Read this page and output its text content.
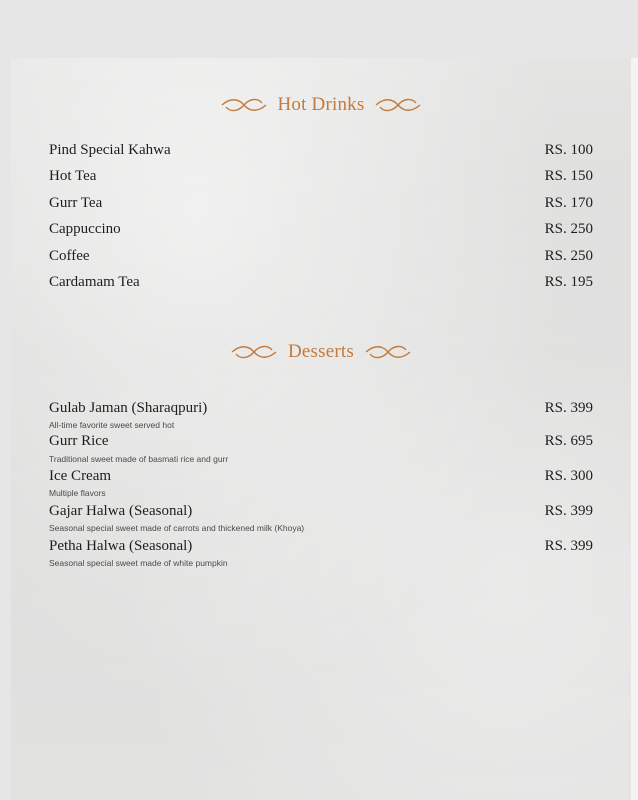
Hot Drinks
Pind Special Kahwa	RS. 100
Hot Tea	RS. 150
Gurr Tea	RS. 170
Cappuccino	RS. 250
Coffee	RS. 250
Cardamam Tea	RS. 195
Desserts
Gulab Jaman (Sharaqpuri)	RS. 399
All-time favorite sweet served hot
Gurr Rice	RS. 695
Traditional sweet made of basmati rice and gurr
Ice Cream	RS. 300
Multiple flavors
Gajar Halwa (Seasonal)	RS. 399
Seasonal special sweet made of carrots and thickened milk (Khoya)
Petha Halwa (Seasonal)	RS. 399
Seasonal special sweet made of white pumpkin
